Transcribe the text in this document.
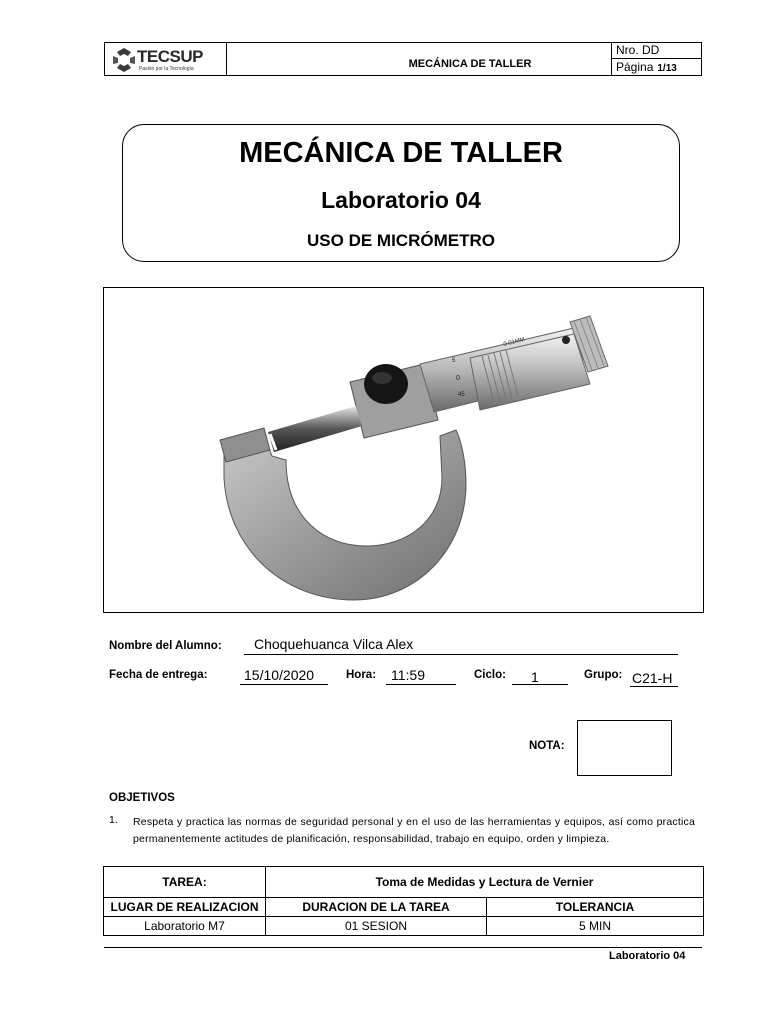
TECSUP
Pasión por la Tecnología	MECÁNICA DE TALLER
Nro. DD
Página 1/13
MECÁNICA DE TALLER
Laboratorio 04
USO DE MICRÓMETRO
0.01MM
0
5
45
Nombre del Alumno: Choquehuanca Vilca Alex
Fecha de entrega:	15/10/2020	Hora: 11:59	Ciclo: 1	Grupo: C21-H
NOTA:
OBJETIVOS
1. Respeta y practica las normas de seguridad personal y en el uso de las herramientas y equipos, así como practica permanentemente actitudes de planificación, responsabilidad, trabajo en equipo, orden y limpieza.
TAREA:	Toma de Medidas y Lectura de Vernier	
LUGAR DE REALIZACION	DURACION DE LA TAREA	TOLERANCIA
Laboratorio M7	01 SESION	5 MIN
Laboratorio 04
